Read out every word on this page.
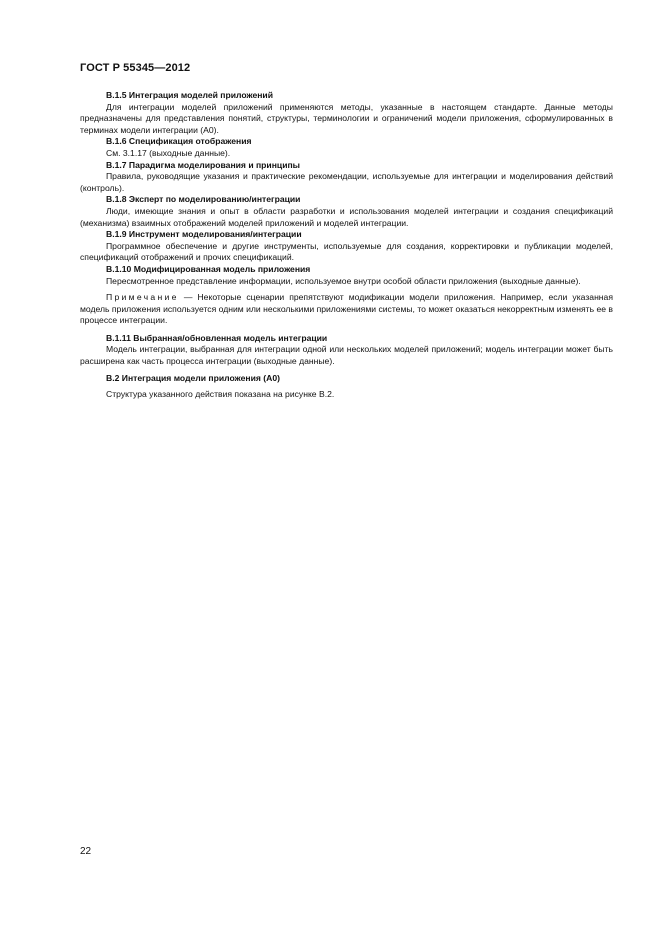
ГОСТ Р 55345—2012

В.1.5 Интеграция моделей приложений

Для интеграции моделей приложений применяются методы, указанные в настоящем стандарте. Данные методы предназначены для представления понятий, структуры, терминологии и ограничений модели приложения, сформулированных в терминах модели интеграции (А0).

В.1.6 Спецификация отображения

См. 3.1.17 (выходные данные).

В.1.7 Парадигма моделирования и принципы

Правила, руководящие указания и практические рекомендации, используемые для интеграции и моделирования действий (контроль).

В.1.8 Эксперт по моделированию/интеграции

Люди, имеющие знания и опыт в области разработки и использования моделей интеграции и создания спецификаций (механизма) взаимных отображений моделей приложений и моделей интеграции.

В.1.9 Инструмент моделирования/интеграции

Программное обеспечение и другие инструменты, используемые для создания, корректировки и публикации моделей, спецификаций отображений и прочих спецификаций.

В.1.10 Модифицированная модель приложения

Пересмотренное представление информации, используемое внутри особой области приложения (выходные данные).

Примечание — Некоторые сценарии препятствуют модификации модели приложения. Например, если указанная модель приложения используется одним или несколькими приложениями системы, то может оказаться некорректным изменять ее в процессе интеграции.

В.1.11 Выбранная/обновленная модель интеграции

Модель интеграции, выбранная для интеграции одной или нескольких моделей приложений; модель интеграции может быть расширена как часть процесса интеграции (выходные данные).

В.2 Интеграция модели приложения (А0)

Структура указанного действия показана на рисунке В.2.

22
